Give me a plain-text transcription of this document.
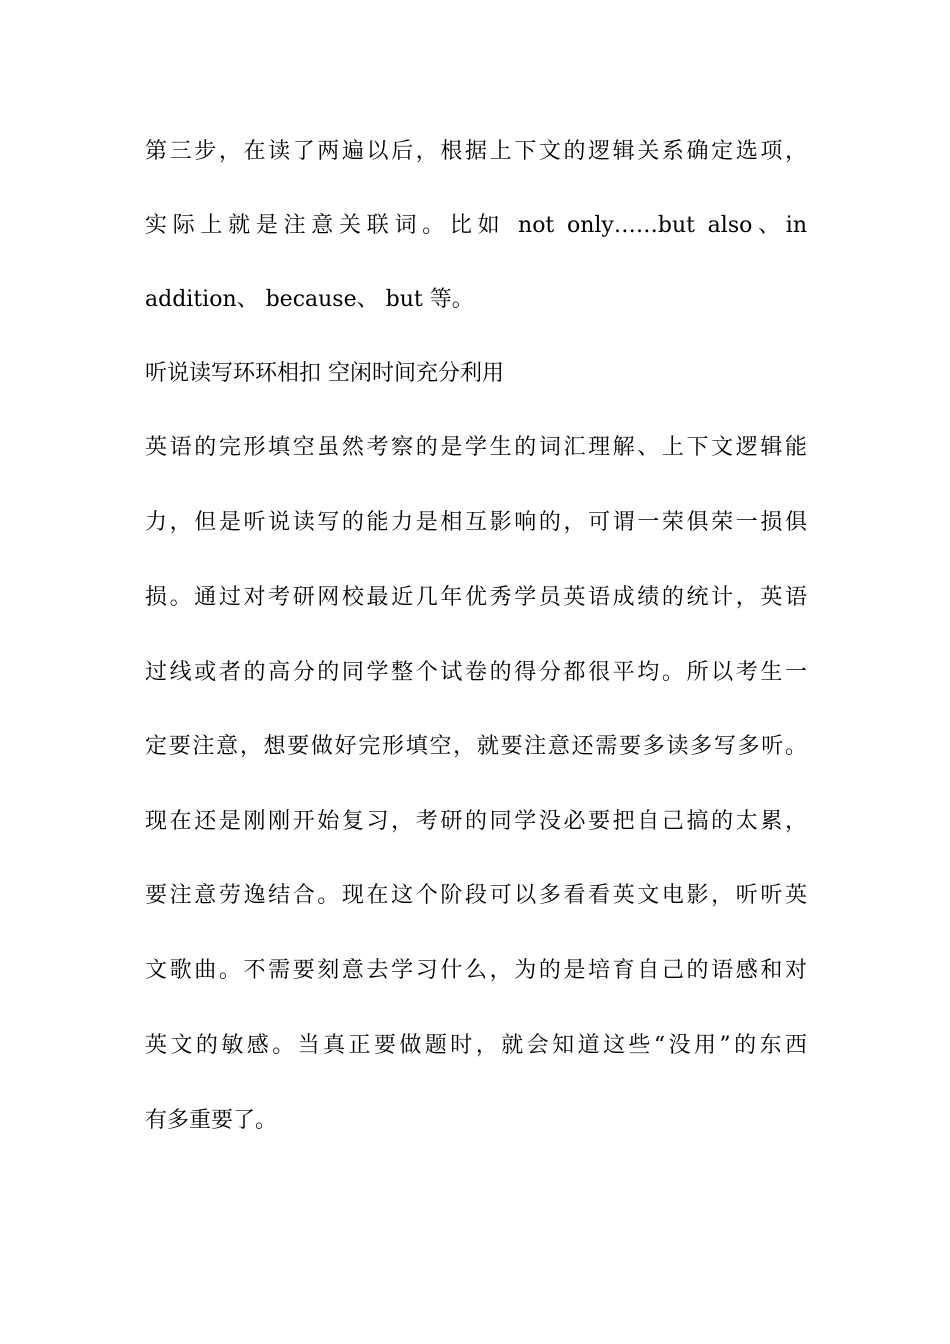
第三步，在读了两遍以后，根据上下文的逻辑关系确定选项，
实际上就是注意关联词。比如 not only……but also、in
addition、 because、 but 等。
听说读写环环相扣 空闲时间充分利用
英语的完形填空虽然考察的是学生的词汇理解、上下文逻辑能
力，但是听说读写的能力是相互影响的，可谓一荣俱荣一损俱
损。通过对考研网校最近几年优秀学员英语成绩的统计，英语
过线或者的高分的同学整个试卷的得分都很平均。所以考生一
定要注意，想要做好完形填空，就要注意还需要多读多写多听。
现在还是刚刚开始复习，考研的同学没必要把自己搞的太累，
要注意劳逸结合。现在这个阶段可以多看看英文电影，听听英
文歌曲。不需要刻意去学习什么，为的是培育自己的语感和对
英文的敏感。当真正要做题时，就会知道这些“没用”的东西
有多重要了。
